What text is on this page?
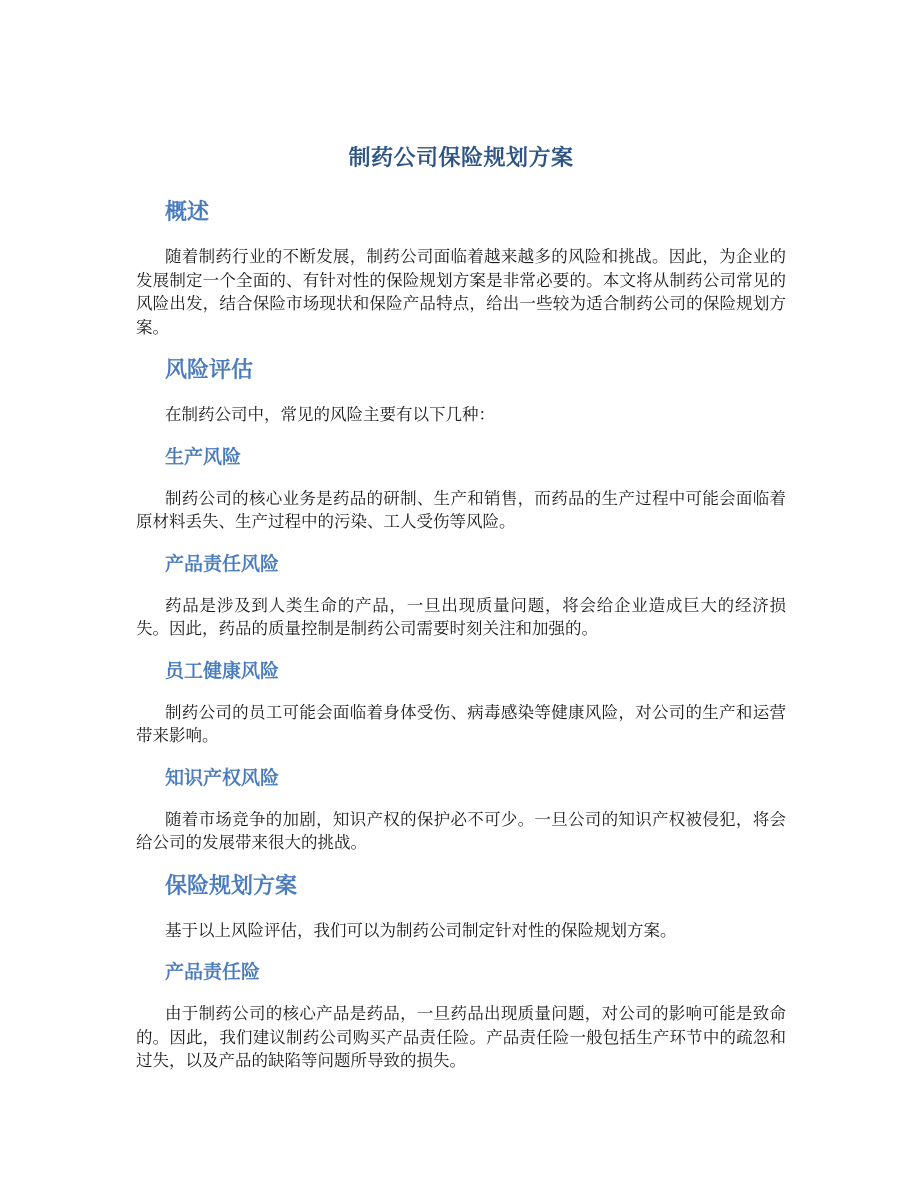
制药公司保险规划方案
概述

随着制药行业的不断发展，制药公司面临着越来越多的风险和挑战。因此，为企业的发展制定一个全面的、有针对性的保险规划方案是非常必要的。本文将从制药公司常见的风险出发，结合保险市场现状和保险产品特点，给出一些较为适合制药公司的保险规划方案。

风险评估

在制药公司中，常见的风险主要有以下几种：

生产风险

制药公司的核心业务是药品的研制、生产和销售，而药品的生产过程中可能会面临着原材料丢失、生产过程中的污染、工人受伤等风险。

产品责任风险

药品是涉及到人类生命的产品，一旦出现质量问题，将会给企业造成巨大的经济损失。因此，药品的质量控制是制药公司需要时刻关注和加强的。

员工健康风险

制药公司的员工可能会面临着身体受伤、病毒感染等健康风险，对公司的生产和运营带来影响。

知识产权风险

随着市场竞争的加剧，知识产权的保护必不可少。一旦公司的知识产权被侵犯，将会给公司的发展带来很大的挑战。

保险规划方案

基于以上风险评估，我们可以为制药公司制定针对性的保险规划方案。

产品责任险

由于制药公司的核心产品是药品，一旦药品出现质量问题，对公司的影响可能是致命的。因此，我们建议制药公司购买产品责任险。产品责任险一般包括生产环节中的疏忽和过失，以及产品的缺陷等问题所导致的损失。
